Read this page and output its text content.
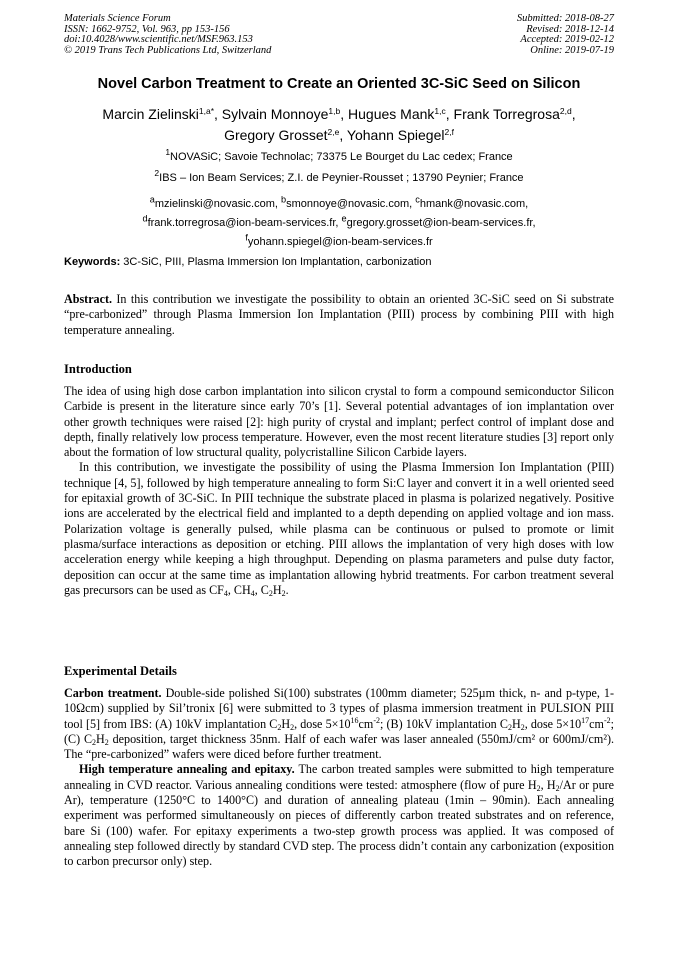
Materials Science Forum
ISSN: 1662-9752, Vol. 963, pp 153-156
doi:10.4028/www.scientific.net/MSF.963.153
© 2019 Trans Tech Publications Ltd, Switzerland
Submitted: 2018-08-27
Revised: 2018-12-14
Accepted: 2019-02-12
Online: 2019-07-19
Novel Carbon Treatment to Create an Oriented 3C-SiC Seed on Silicon
Marcin Zielinski$^{1,a*}$, Sylvain Monnoye$^{1,b}$, Hugues Mank$^{1,c}$, Frank Torregrosa$^{2,d}$,
Gregory Grosset$^{2,e}$, Yohann Spiegel$^{2,f}$
$^1$NOVASiC; Savoie Technolac; 73375 Le Bourget du Lac cedex; France
$^2$IBS – Ion Beam Services; Z.I. de Peynier-Rousset ; 13790 Peynier; France
$^a$mzielinski@novasic.com, $^b$smonnoye@novasic.com, $^c$hmank@novasic.com,
$^d$frank.torregrosa@ion-beam-services.fr, $^e$gregory.grosset@ion-beam-services.fr,
$^f$yohann.spiegel@ion-beam-services.fr
Keywords: 3C-SiC, PIII, Plasma Immersion Ion Implantation, carbonization

Abstract. In this contribution we investigate the possibility to obtain an oriented 3C-SiC seed on Si substrate “pre-carbonized” through Plasma Immersion Ion Implantation (PIII) process by combining PIII with high temperature annealing.

Introduction

The idea of using high dose carbon implantation into silicon crystal to form a compound semiconductor Silicon Carbide is present in the literature since early 70’s [1]. Several potential advantages of ion implantation over other growth techniques were raised [2]: high purity of crystal and implant; perfect control of implant dose and depth, finally relatively low process temperature. However, even the most recent literature studies [3] report only about the formation of low structural quality, polycristalline Silicon Carbide layers.

In this contribution, we investigate the possibility of using the Plasma Immersion Ion Implantation (PIII) technique [4, 5], followed by high temperature annealing to form Si:C layer and convert it in a well oriented seed for epitaxial growth of 3C-SiC. In PIII technique the substrate placed in plasma is polarized negatively. Positive ions are accelerated by the electrical field and implanted to a depth depending on applied voltage and ion mass. Polarization voltage is generally pulsed, while plasma can be continuous or pulsed to promote or limit plasma/surface interactions as deposition or etching. PIII allows the implantation of very high doses with low acceleration energy while keeping a high throughput. Depending on plasma parameters and pulse duty factor, deposition can occur at the same time as implantation allowing hybrid treatments. For carbon treatment several gas precursors can be used as $CF_4$, $CH_4$, $C_2H_2$.

Experimental Details

Carbon treatment. Double-side polished Si(100) substrates (100mm diameter; 525µm thick, n- and p-type, 1-10Ωcm) supplied by Sil’tronix [6] were submitted to 3 types of plasma immersion treatment in PULSION PIII tool [5] from IBS: (A) 10kV implantation $C_2H_2$, dose $5\times 10^{16}cm^{-2}$; (B) 10kV implantation $C_2H_2$, dose $5\times 10^{17}cm^{-2}$; (C) $C_2H_2$ deposition, target thickness 35nm. Half of each wafer was laser annealed (550mJ/cm² or 600mJ/cm²). The “pre-carbonized” wafers were diced before further treatment.

High temperature annealing and epitaxy. The carbon treated samples were submitted to high temperature annealing in CVD reactor. Various annealing conditions were tested: atmosphere (flow of pure $H_2$, $H_2/Ar$ or pure Ar), temperature (1250°C to 1400°C) and duration of annealing plateau (1min – 90min). Each annealing experiment was performed simultaneously on pieces of differently carbon treated substrates and on reference, bare Si (100) wafer. For epitaxy experiments a two-step growth process was applied. It was composed of annealing step followed directly by standard CVD step. The process didn’t contain any carbonization (exposition to carbon precursor only) step.
